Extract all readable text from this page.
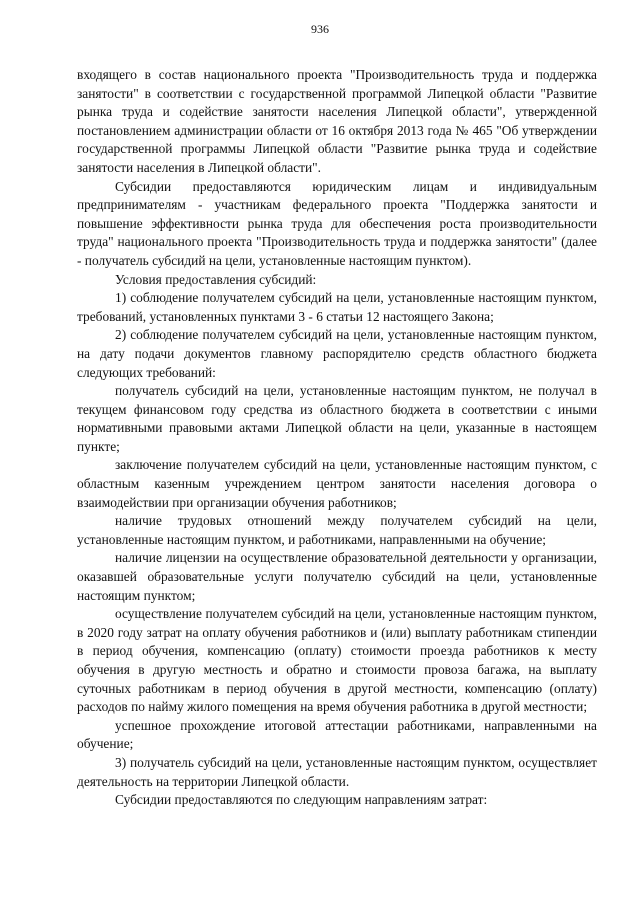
936

входящего в состав национального проекта "Производительность труда и поддержка занятости" в соответствии с государственной программой Липецкой области "Развитие рынка труда и содействие занятости населения Липецкой области", утвержденной постановлением администрации области от 16 октября 2013 года № 465 "Об утверждении государственной программы Липецкой области "Развитие рынка труда и содействие занятости населения в Липецкой области".

Субсидии предоставляются юридическим лицам и индивидуальным предпринимателям - участникам федерального проекта "Поддержка занятости и повышение эффективности рынка труда для обеспечения роста производительности труда" национального проекта "Производительность труда и поддержка занятости" (далее - получатель субсидий на цели, установленные настоящим пунктом).

Условия предоставления субсидий:

1) соблюдение получателем субсидий на цели, установленные настоящим пунктом, требований, установленных пунктами 3 - 6 статьи 12 настоящего Закона;

2) соблюдение получателем субсидий на цели, установленные настоящим пунктом, на дату подачи документов главному распорядителю средств областного бюджета следующих требований:

получатель субсидий на цели, установленные настоящим пунктом, не получал в текущем финансовом году средства из областного бюджета в соответствии с иными нормативными правовыми актами Липецкой области на цели, указанные в настоящем пункте;

заключение получателем субсидий на цели, установленные настоящим пунктом, с областным казенным учреждением центром занятости населения договора о взаимодействии при организации обучения работников;

наличие трудовых отношений между получателем субсидий на цели, установленные настоящим пунктом, и работниками, направленными на обучение;

наличие лицензии на осуществление образовательной деятельности у организации, оказавшей образовательные услуги получателю субсидий на цели, установленные настоящим пунктом;

осуществление получателем субсидий на цели, установленные настоящим пунктом, в 2020 году затрат на оплату обучения работников и (или) выплату работникам стипендии в период обучения, компенсацию (оплату) стоимости проезда работников к месту обучения в другую местность и обратно и стоимости провоза багажа, на выплату суточных работникам в период обучения в другой местности, компенсацию (оплату) расходов по найму жилого помещения на время обучения работника в другой местности;

успешное прохождение итоговой аттестации работниками, направленными на обучение;

3) получатель субсидий на цели, установленные настоящим пунктом, осуществляет деятельность на территории Липецкой области.

Субсидии предоставляются по следующим направлениям затрат:
